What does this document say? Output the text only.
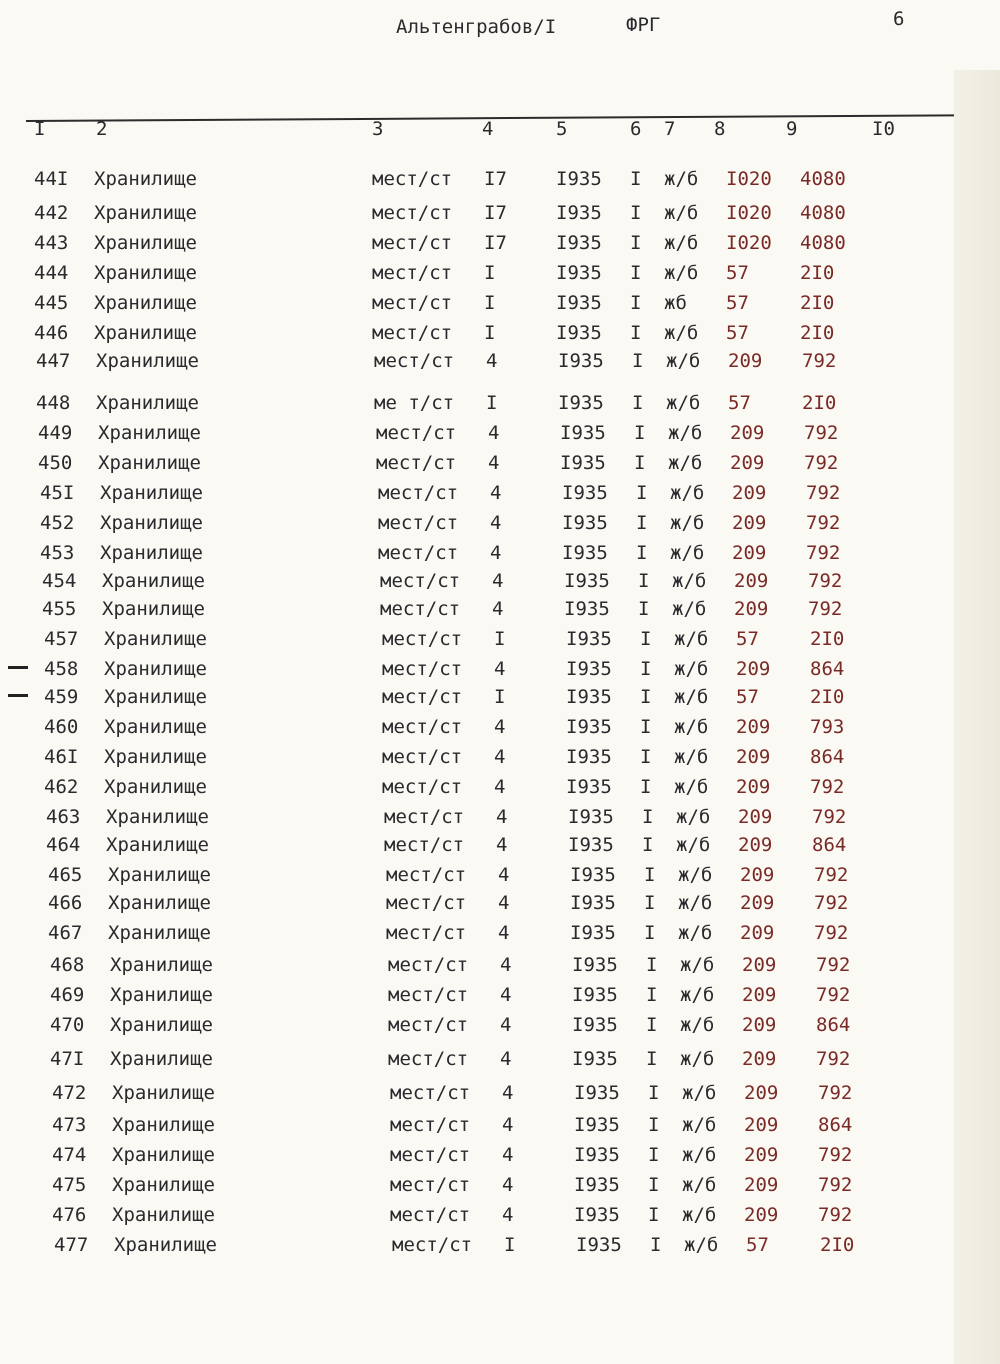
Альтенграбов/I	ФРГ	6
I	2	3	4	5	6 7 8	9	I0
44I Хранилище	мест/ст I7	I935 I ж/б I020 4080
442 Хранилище	мест/ст I7	I935 I ж/б I020 4080
443 Хранилище	мест/ст I7	I935 I ж/б I020 4080
444 Хранилище	мест/ст I	I935 I ж/б 57	2I0
445 Хранилище	мест/ст I	I935 I жб 57	2I0
446 Хранилище	мест/ст I	I935 I ж/б 57	2I0
447 Хранилище	мест/ст 4	I935 I ж/б 209 792
448 Хранилище	ме т/ст I	I935 I ж/б 57	2I0
449 Хранилище	мест/ст 4	I935 I ж/б 209 792
450 Хранилище	мест/ст 4	I935 I ж/б 209 792
45I Хранилище	мест/ст 4	I935 I ж/б 209 792
452 Хранилище	мест/ст 4	I935 I ж/б 209 792
453 Хранилище	мест/ст 4	I935 I ж/б 209 792
454 Хранилище	мест/ст 4	I935 I ж/б 209 792
455 Хранилище	мест/ст 4	I935 I ж/б 209 792
457 Хранилище	мест/ст I	I935 I ж/б 57	2I0
458 Хранилище	мест/ст 4	I935 I ж/б 209 864
459 Хранилище	мест/ст I	I935 I ж/б 57	2I0
460 Хранилище	мест/ст 4	I935 I ж/б 209 793
46I Хранилище	мест/ст 4	I935 I ж/б 209 864
462 Хранилище	мест/ст 4	I935 I ж/б 209 792
463 Хранилище	мест/ст 4	I935 I ж/б 209 792
464 Хранилище	мест/ст 4	I935 I ж/б 209 864
465 Хранилище	мест/ст 4	I935 I ж/б 209 792
466 Хранилище	мест/ст 4	I935 I ж/б 209 792
467 Хранилище	мест/ст 4	I935 I ж/б 209 792
468 Хранилище	мест/ст 4	I935 I ж/б 209 792
469 Хранилище	мест/ст 4	I935 I ж/б 209 792
470 Хранилище	мест/ст 4	I935 I ж/б 209 864
47I Хранилище	мест/ст 4	I935 I ж/б 209 792
472 Хранилище	мест/ст 4	I935 I ж/б 209 792
473 Хранилище	мест/ст 4	I935 I ж/б 209 864
474 Хранилище	мест/ст 4	I935 I ж/б 209 792
475 Хранилище	мест/ст 4	I935 I ж/б 209 792
476 Хранилище	мест/ст 4	I935 I ж/б 209 792
477 Хранилище	мест/ст I	I935 I ж/б 57	2I0
